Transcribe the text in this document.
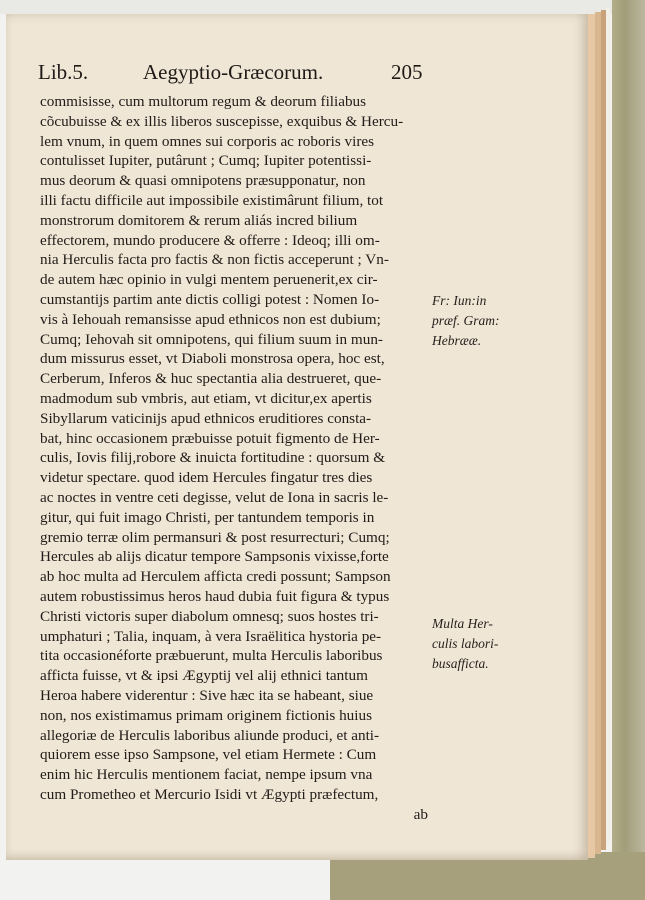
Lib.5.	Aegyptio-Græcorum.	205
commisisse, cum multorum regum & deorum filiabus
cõcubuisse & ex illis liberos suscepisse, exquibus & Hercu-
lem vnum, in quem omnes sui corporis ac roboris vires
contulisset Iupiter, putârunt ; Cumq; Iupiter potentissi-
mus deorum & quasi omnipotens præsupponatur, non
illi factu difficile aut impossibile existimârunt filium, tot
monstrorum domitorem & rerum aliás incred bilium
effectorem, mundo producere & offerre : Ideoq; illi om-
nia Herculis facta pro factis & non fictis acceperunt ; Vn-
de autem hæc opinio in vulgi mentem peruenerit,ex cir-
cumstantijs partim ante dictis colligi potest : Nomen Io-
vis à Iehouah remansisse apud ethnicos non est dubium;
Cumq; Iehovah sit omnipotens, qui filium suum in mun-
dum missurus esset, vt Diaboli monstrosa opera, hoc est,
Cerberum, Inferos & huc spectantia alia destrueret, que-
madmodum sub vmbris, aut etiam, vt dicitur,ex apertis
Sibyllarum vaticinijs apud ethnicos eruditiores consta-
bat, hinc occasionem præbuisse potuit figmento de Her-
culis, Iovis filij,robore & inuicta fortitudine : quorsum &
videtur spectare. quod idem Hercules fingatur tres dies
ac noctes in ventre ceti degisse, velut de Iona in sacris le-
gitur, qui fuit imago Christi, per tantundem temporis in
gremio terræ olim permansuri & post resurrecturi; Cumq;
Hercules ab alijs dicatur tempore Sampsonis vixisse,forte
ab hoc multa ad Herculem afficta credi possunt; Sampson
autem robustissimus heros haud dubia fuit figura & typus
Christi victoris super diabolum omnesq; suos hostes tri-
umphaturi ; Talia, inquam, à vera Israëlitica hystoria pe-
tita occasionéforte præbuerunt, multa Herculis laboribus
afficta fuisse, vt & ipsi Ægyptij vel alij ethnici tantum
Heroa habere viderentur : Sive hæc ita se habeant, siue
non, nos existimamus primam originem fictionis huius
allegoriæ de Herculis laboribus aliunde produci, et anti-
quiorem esse ipso Sampsone, vel etiam Hermete : Cum
enim hic Herculis mentionem faciat, nempe ipsum vna
cum Prometheo et Mercurio Isidi vt Ægypti præfectum,
ab
Fr: Iun:in
præf. Gram:
Hebrææ.
Multa Her-
culis labori-
busafficta.
